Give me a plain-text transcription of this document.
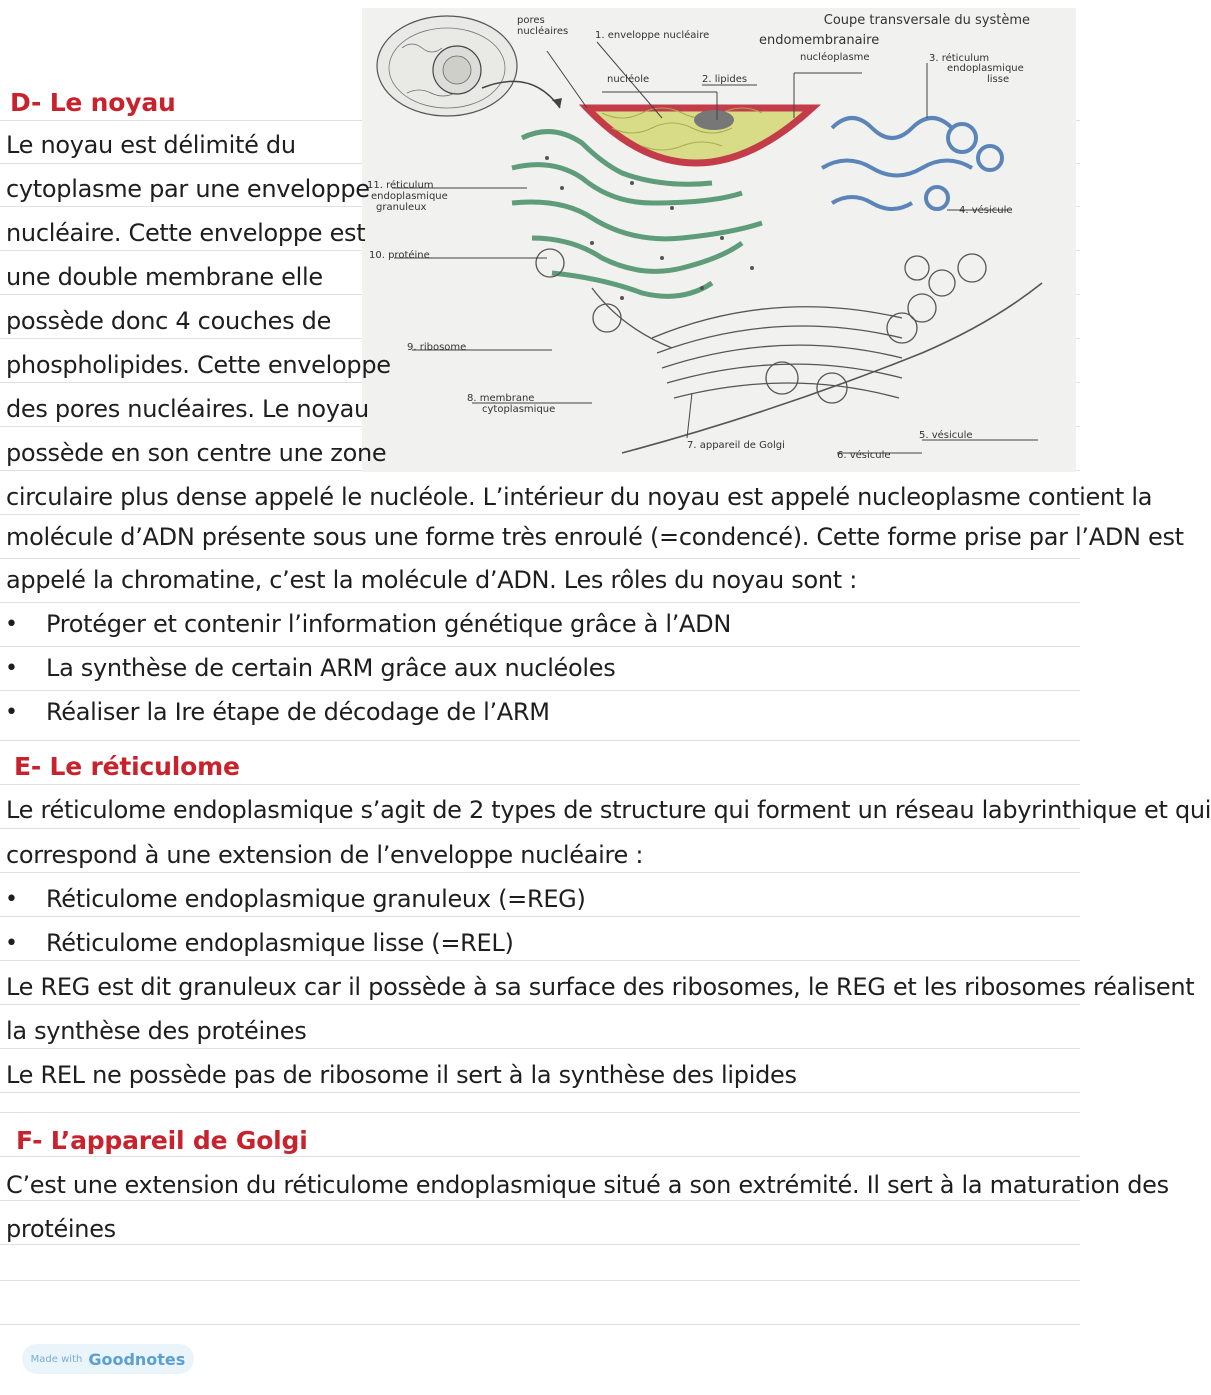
Coupe transversale du système
endomembranaire
pores
nucléaires	1. enveloppe nucléaire
nucléoplasme	3. réticulum
endoplasmique
lisse
nucléole	2. lipides
4. vésicule
11. réticulum
endoplasmique
granuleux
10. protéine
9. ribosome
8. membrane
cytoplasmique
7. appareil de Golgi
6. vésicule
5. vésicule
D- Le noyau
Le noyau est délimité du
cytoplasme par une enveloppe
nucléaire. Cette enveloppe est
une double membrane elle
possède donc 4 couches de
phospholipides. Cette enveloppe
des pores nucléaires. Le noyau
possède en son centre une zone
circulaire plus dense appelé le nucléole. L’intérieur du noyau est appelé nucleoplasme contient la
molécule d’ADN présente sous une forme très enroulé (=condencé). Cette forme prise par l’ADN est
appelé la chromatine, c’est la molécule d’ADN. Les rôles du noyau sont :
• Protéger et contenir l’information génétique grâce à l’ADN
• La synthèse de certain ARM grâce aux nucléoles
• Réaliser la Ire étape de décodage de l’ARM
E- Le réticulome
Le réticulome endoplasmique s’agit de 2 types de structure qui forment un réseau labyrinthique et qui
correspond à une extension de l’enveloppe nucléaire :
• Réticulome endoplasmique granuleux (=REG)
• Réticulome endoplasmique lisse (=REL)
Le REG est dit granuleux car il possède à sa surface des ribosomes, le REG et les ribosomes réalisent
la synthèse des protéines
Le REL ne possède pas de ribosome il sert à la synthèse des lipides
F- L’appareil de Golgi
C’est une extension du réticulome endoplasmique situé a son extrémité. Il sert à la maturation des
protéines
Made with Goodnotes
